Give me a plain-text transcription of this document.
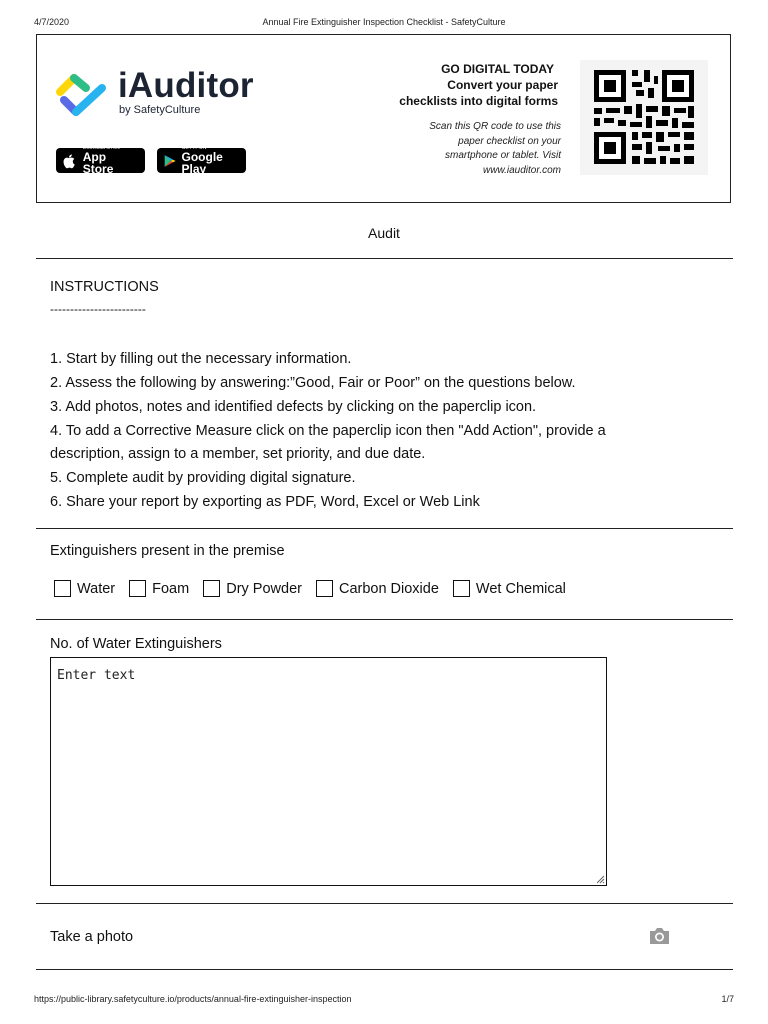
4/7/2020	Annual Fire Extinguisher Inspection Checklist - SafetyCulture
iAuditor
by SafetyCulture
Download on the
App Store
GET IT ON
Google Play
GO DIGITAL TODAY
Convert your paper
checklists into digital forms
Scan this QR code to use this
paper checklist on your
smartphone or tablet. Visit
www.iauditor.com
Audit
INSTRUCTIONS
------------------------
1. Start by filling out the necessary information.
2. Assess the following by answering:”Good, Fair or Poor” on the questions below.
3. Add photos, notes and identified defects by clicking on the paperclip icon.
4. To add a Corrective Measure click on the paperclip icon then "Add Action", provide a
description, assign to a member, set priority, and due date.
5. Complete audit by providing digital signature.
6. Share your report by exporting as PDF, Word, Excel or Web Link
Extinguishers present in the premise
Water	Foam	Dry Powder	Carbon Dioxide	Wet Chemical
No. of Water Extinguishers
Enter text
Take a photo
https://public-library.safetyculture.io/products/annual-fire-extinguisher-inspection	1/7
